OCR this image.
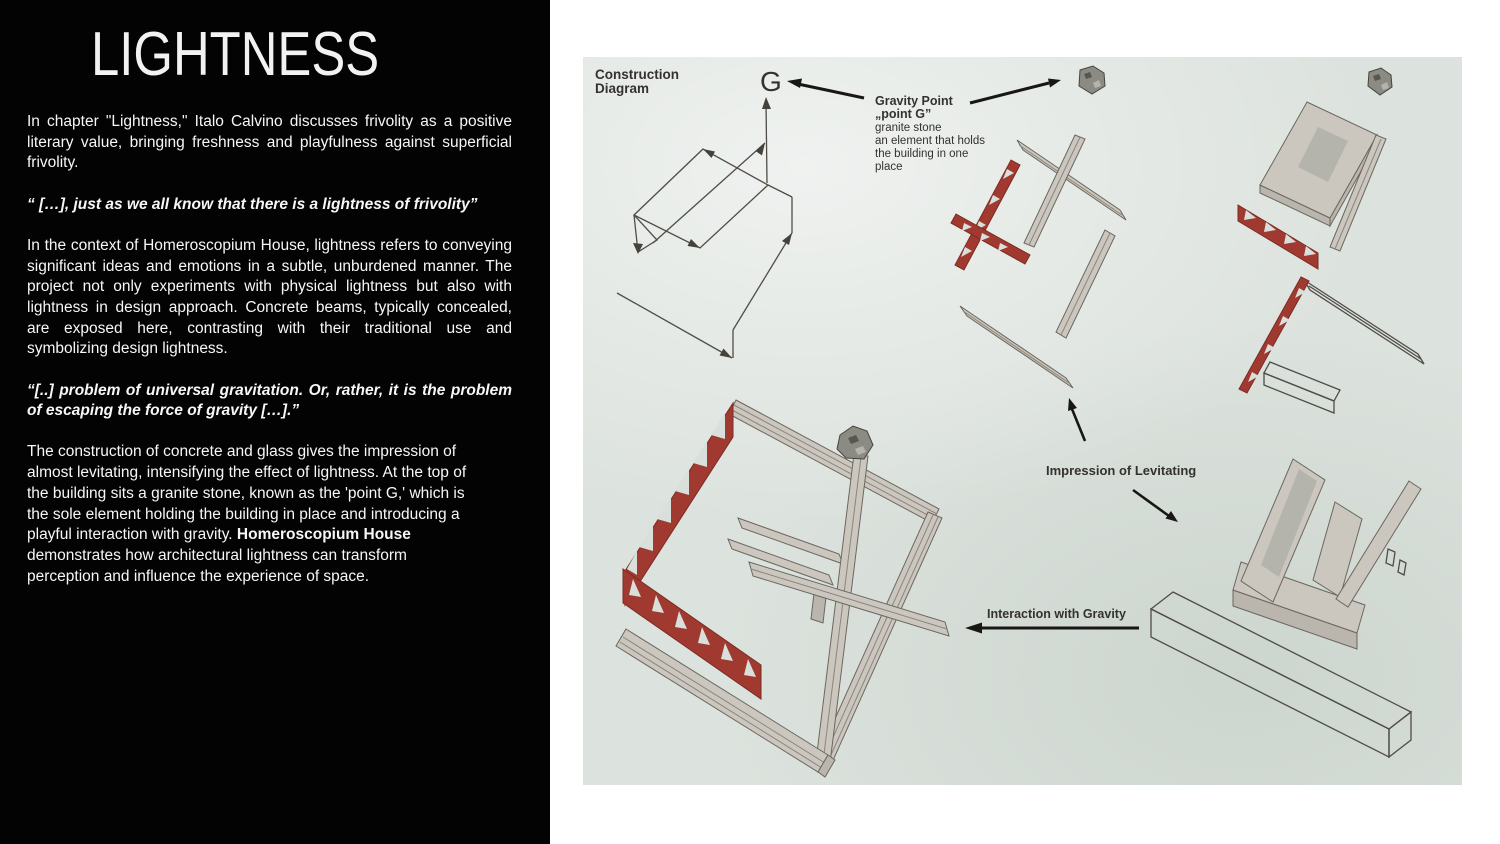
LIGHTNESS

In chapter "Lightness," Italo Calvino discusses frivolity as a positive literary value, bringing freshness and playfulness against superficial frivolity.

“ […], just as we all know that there is a lightness of frivolity”

In the context of Homeroscopium House, lightness refers to conveying significant ideas and emotions in a subtle, unburdened manner. The project not only experiments with physical lightness but also with lightness in design approach. Concrete beams, typically concealed, are exposed here, contrasting with their traditional use and symbolizing design lightness.

“[..] problem of universal gravitation. Or, rather, it is the problem of escaping the force of gravity […].”

The construction of concrete and glass gives the impression of almost levitating, intensifying the effect of lightness. At the top of the building sits a granite stone, known as the 'point G,' which is the sole element holding the building in place and introducing a playful interaction with gravity. Homeroscopium House demonstrates how architectural lightness can transform perception and influence the experience of space.

Construction
Diagram	G
Gravity Point
„point G”
granite stone
an element that holds
the building in one
place
Impression of Levitating
Interaction with Gravity
